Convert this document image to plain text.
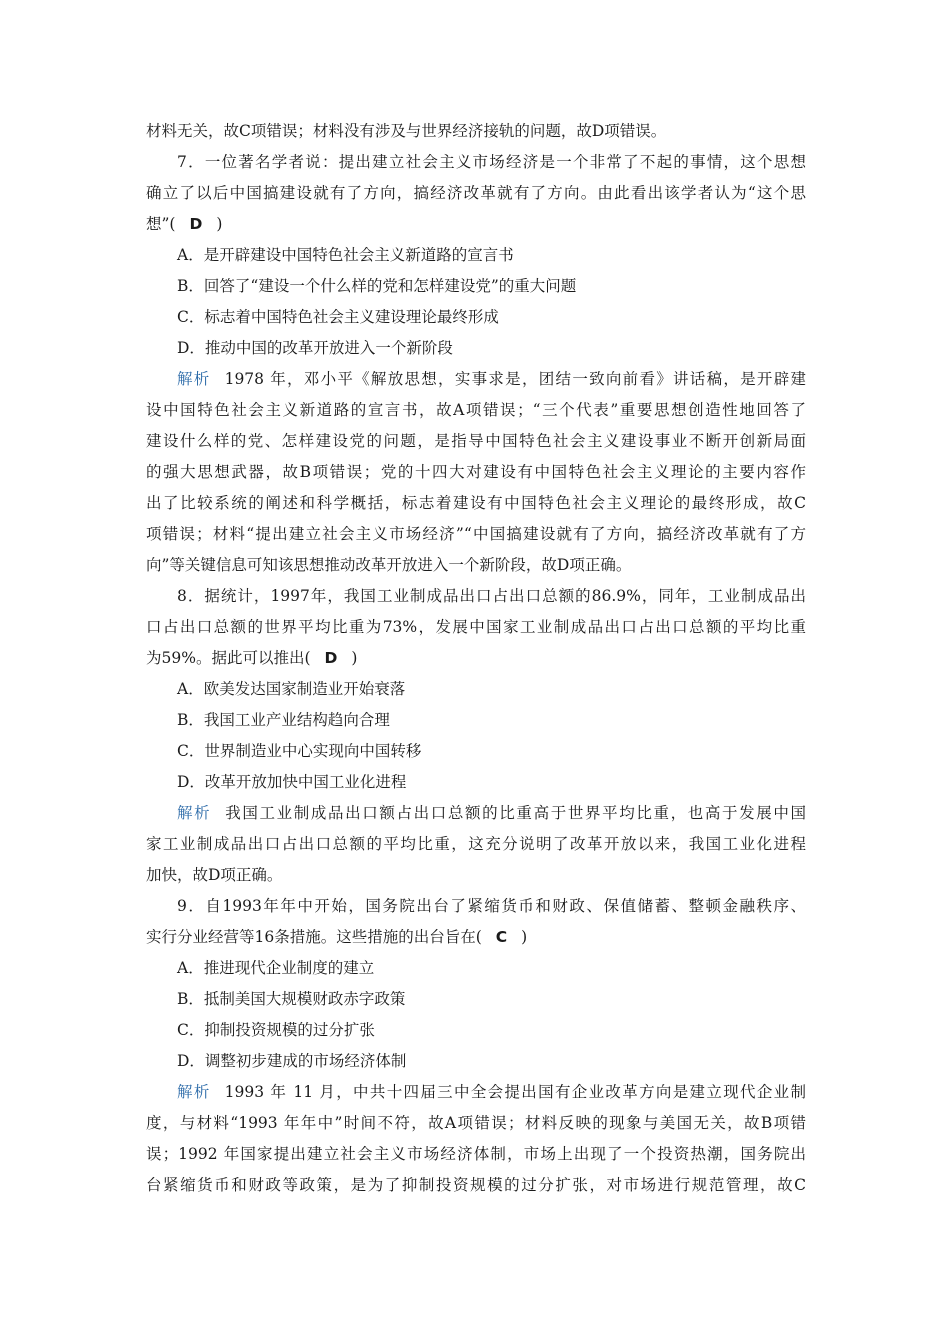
材料无关，故C项错误；材料没有涉及与世界经济接轨的问题，故D项错误。
7．一位著名学者说：提出建立社会主义市场经济是一个非常了不起的事情，这个思想
确立了以后中国搞建设就有了方向，搞经济改革就有了方向。由此看出该学者认为“这个思
想”( D )
A．是开辟建设中国特色社会主义新道路的宣言书
B．回答了“建设一个什么样的党和怎样建设党”的重大问题
C．标志着中国特色社会主义建设理论最终形成
D．推动中国的改革开放进入一个新阶段
解析 1978 年，邓小平《解放思想，实事求是，团结一致向前看》讲话稿，是开辟建
设中国特色社会主义新道路的宣言书，故A项错误；“三个代表”重要思想创造性地回答了
建设什么样的党、怎样建设党的问题，是指导中国特色社会主义建设事业不断开创新局面
的强大思想武器，故B项错误；党的十四大对建设有中国特色社会主义理论的主要内容作
出了比较系统的阐述和科学概括，标志着建设有中国特色社会主义理论的最终形成，故C
项错误；材料“提出建立社会主义市场经济”“中国搞建设就有了方向，搞经济改革就有了方
向”等关键信息可知该思想推动改革开放进入一个新阶段，故D项正确。
8．据统计，1997年，我国工业制成品出口占出口总额的86.9%，同年，工业制成品出
口占出口总额的世界平均比重为73%，发展中国家工业制成品出口占出口总额的平均比重
为59%。据此可以推出( D )
A．欧美发达国家制造业开始衰落
B．我国工业产业结构趋向合理
C．世界制造业中心实现向中国转移
D．改革开放加快中国工业化进程
解析 我国工业制成品出口额占出口总额的比重高于世界平均比重，也高于发展中国
家工业制成品出口占出口总额的平均比重，这充分说明了改革开放以来，我国工业化进程
加快，故D项正确。
9．自1993年年中开始，国务院出台了紧缩货币和财政、保值储蓄、整顿金融秩序、
实行分业经营等16条措施。这些措施的出台旨在( C )
A．推进现代企业制度的建立
B．抵制美国大规模财政赤字政策
C．抑制投资规模的过分扩张
D．调整初步建成的市场经济体制
解析 1993 年 11 月，中共十四届三中全会提出国有企业改革方向是建立现代企业制
度，与材料“1993 年年中”时间不符，故A项错误；材料反映的现象与美国无关，故B项错
误；1992 年国家提出建立社会主义市场经济体制，市场上出现了一个投资热潮，国务院出
台紧缩货币和财政等政策，是为了抑制投资规模的过分扩张，对市场进行规范管理，故C
